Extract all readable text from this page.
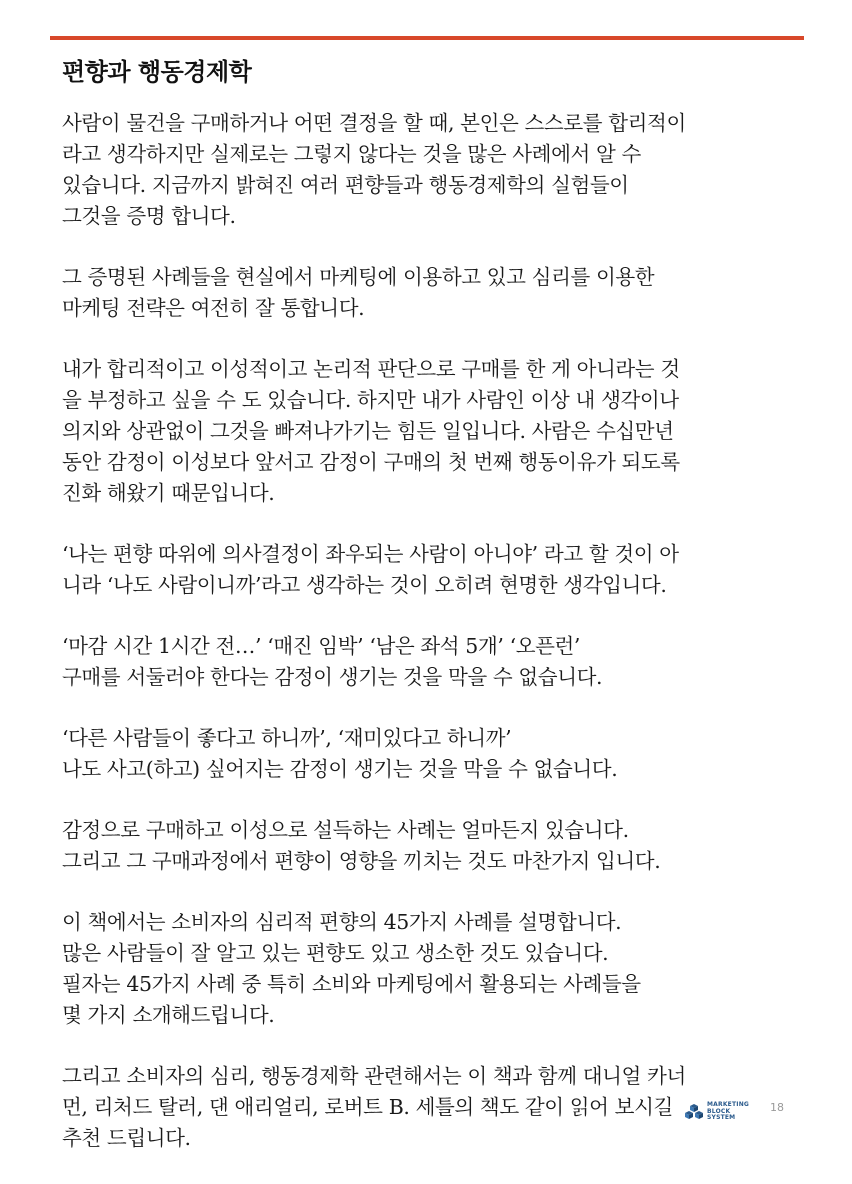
편향과 행동경제학
사람이 물건을 구매하거나 어떤 결정을 할 때, 본인은 스스로를 합리적이
라고 생각하지만 실제로는 그렇지 않다는 것을 많은 사례에서 알 수
있습니다. 지금까지 밝혀진 여러 편향들과 행동경제학의 실험들이
그것을 증명 합니다.
그 증명된 사례들을 현실에서 마케팅에 이용하고 있고 심리를 이용한
마케팅 전략은 여전히 잘 통합니다.
내가 합리적이고 이성적이고 논리적 판단으로 구매를 한 게 아니라는 것
을 부정하고 싶을 수 도 있습니다. 하지만 내가 사람인 이상 내 생각이나
의지와 상관없이 그것을 빠져나가기는 힘든 일입니다. 사람은 수십만년
동안 감정이 이성보다 앞서고 감정이 구매의 첫 번째 행동이유가 되도록
진화 해왔기 때문입니다.
‘나는 편향 따위에 의사결정이 좌우되는 사람이 아니야’ 라고 할 것이 아
니라 ‘나도 사람이니까’라고 생각하는 것이 오히려 현명한 생각입니다.
‘마감 시간 1시간 전…’ ‘매진 임박’ ‘남은 좌석 5개’ ‘오픈런’
구매를 서둘러야 한다는 감정이 생기는 것을 막을 수 없습니다.
‘다른 사람들이 좋다고 하니까’, ‘재미있다고 하니까’
나도 사고(하고) 싶어지는 감정이 생기는 것을 막을 수 없습니다.
감정으로 구매하고 이성으로 설득하는 사례는 얼마든지 있습니다.
그리고 그 구매과정에서 편향이 영향을 끼치는 것도 마찬가지 입니다.
이 책에서는 소비자의 심리적 편향의 45가지 사례를 설명합니다.
많은 사람들이 잘 알고 있는 편향도 있고 생소한 것도 있습니다.
필자는 45가지 사례 중 특히 소비와 마케팅에서 활용되는 사례들을
몇 가지 소개해드립니다.
그리고 소비자의 심리, 행동경제학 관련해서는 이 책과 함께 대니얼 카너
먼, 리처드 탈러, 댄 애리얼리, 로버트 B. 세틀의 책도 같이 읽어 보시길
추천 드립니다.
MARKETING
BLOCK
SYSTEM
18
